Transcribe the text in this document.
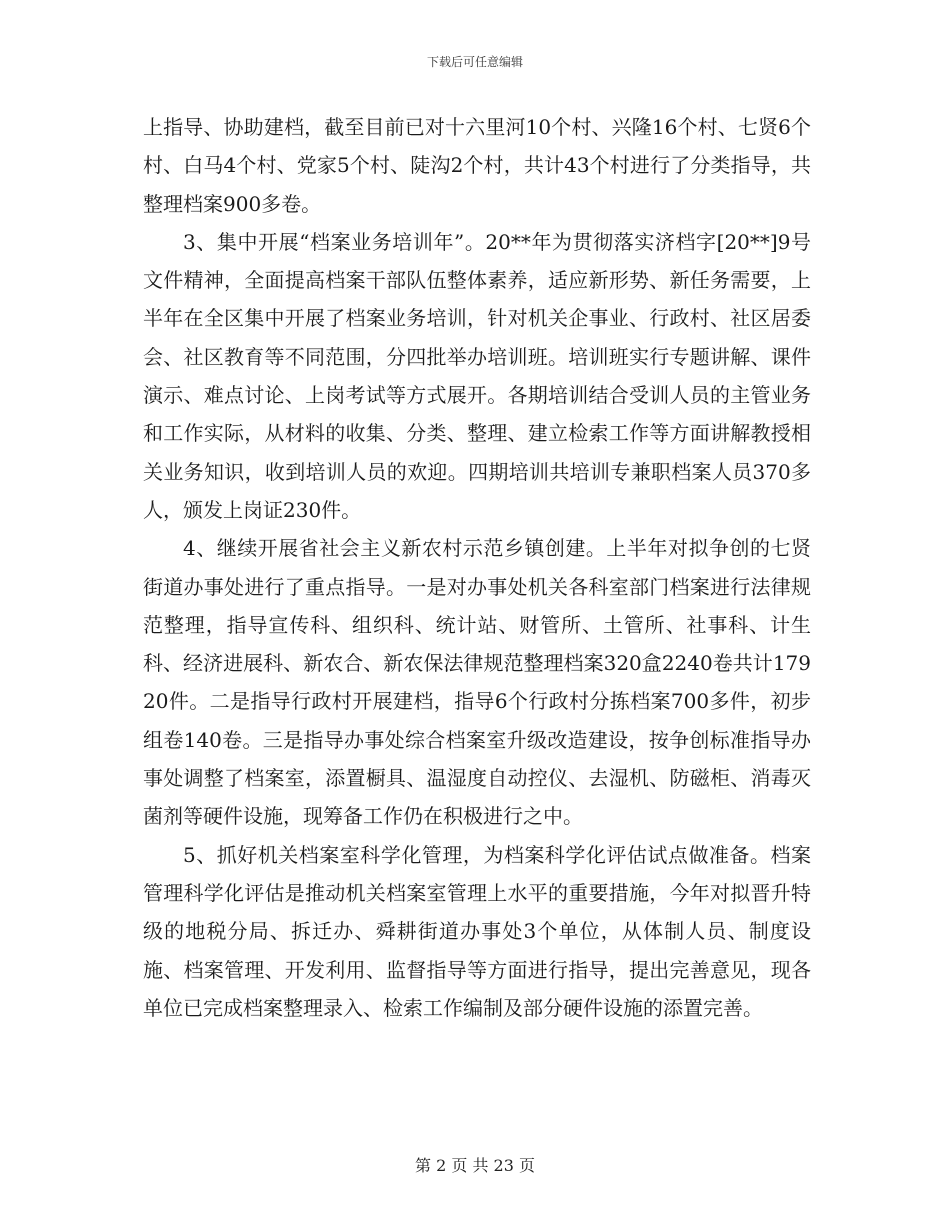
下载后可任意编辑

上指导、协助建档，截至目前已对十六里河10个村、兴隆16个村、七贤6个村、白马4个村、党家5个村、陡沟2个村，共计43个村进行了分类指导，共整理档案900多卷。

3、集中开展“档案业务培训年”。20**年为贯彻落实济档字[20**]9号文件精神，全面提高档案干部队伍整体素养，适应新形势、新任务需要，上半年在全区集中开展了档案业务培训，针对机关企事业、行政村、社区居委会、社区教育等不同范围，分四批举办培训班。培训班实行专题讲解、课件演示、难点讨论、上岗考试等方式展开。各期培训结合受训人员的主管业务和工作实际，从材料的收集、分类、整理、建立检索工作等方面讲解教授相关业务知识，收到培训人员的欢迎。四期培训共培训专兼职档案人员370多人，颁发上岗证230件。

4、继续开展省社会主义新农村示范乡镇创建。上半年对拟争创的七贤街道办事处进行了重点指导。一是对办事处机关各科室部门档案进行法律规范整理，指导宣传科、组织科、统计站、财管所、土管所、社事科、计生科、经济进展科、新农合、新农保法律规范整理档案320盒2240卷共计17920件。二是指导行政村开展建档，指导6个行政村分拣档案700多件，初步组卷140卷。三是指导办事处综合档案室升级改造建设，按争创标准指导办事处调整了档案室，添置橱具、温湿度自动控仪、去湿机、防磁柜、消毒灭菌剂等硬件设施，现筹备工作仍在积极进行之中。

5、抓好机关档案室科学化管理，为档案科学化评估试点做准备。档案管理科学化评估是推动机关档案室管理上水平的重要措施，今年对拟晋升特级的地税分局、拆迁办、舜耕街道办事处3个单位，从体制人员、制度设施、档案管理、开发利用、监督指导等方面进行指导，提出完善意见，现各单位已完成档案整理录入、检索工作编制及部分硬件设施的添置完善。

第 2 页 共 23 页
